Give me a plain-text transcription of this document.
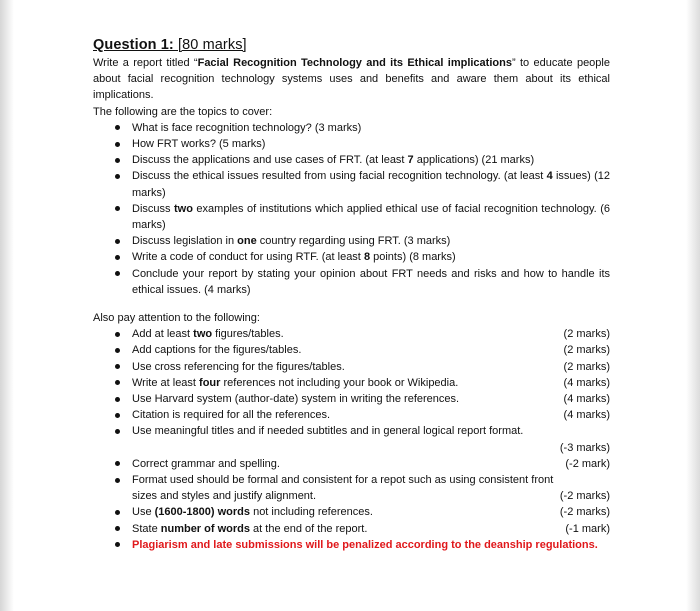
Question 1: [80 marks]

Write a report titled “Facial Recognition Technology and its Ethical implications” to educate people about facial recognition technology systems uses and benefits and aware them about its ethical implications.

The following are the topics to cover:

What is face recognition technology? (3 marks)
How FRT works? (5 marks)
Discuss the applications and use cases of FRT. (at least 7 applications) (21 marks)
Discuss the ethical issues resulted from using facial recognition technology. (at least 4 issues) (12 marks)
Discuss two examples of institutions which applied ethical use of facial recognition technology. (6 marks)
Discuss legislation in one country regarding using FRT. (3 marks)
Write a code of conduct for using RTF. (at least 8 points) (8 marks)
Conclude your report by stating your opinion about FRT needs and risks and how to handle its ethical issues. (4 marks)

Also pay attention to the following:

Add at least two figures/tables.	(2 marks)
Add captions for the figures/tables.	(2 marks)
Use cross referencing for the figures/tables.	(2 marks)
Write at least four references not including your book or Wikipedia.	(4 marks)
Use Harvard system (author-date) system in writing the references.	(4 marks)
Citation is required for all the references.	(4 marks)
Use meaningful titles and if needed subtitles and in general logical report format.
(-3 marks)
Correct grammar and spelling.	(-2 mark)
Format used should be formal and consistent for a repot such as using consistent front
sizes and styles and justify alignment.	(-2 marks)
Use (1600-1800) words not including references.	(-2 marks)
State number of words at the end of the report.	(-1 mark)
Plagiarism and late submissions will be penalized according to the deanship regulations.
